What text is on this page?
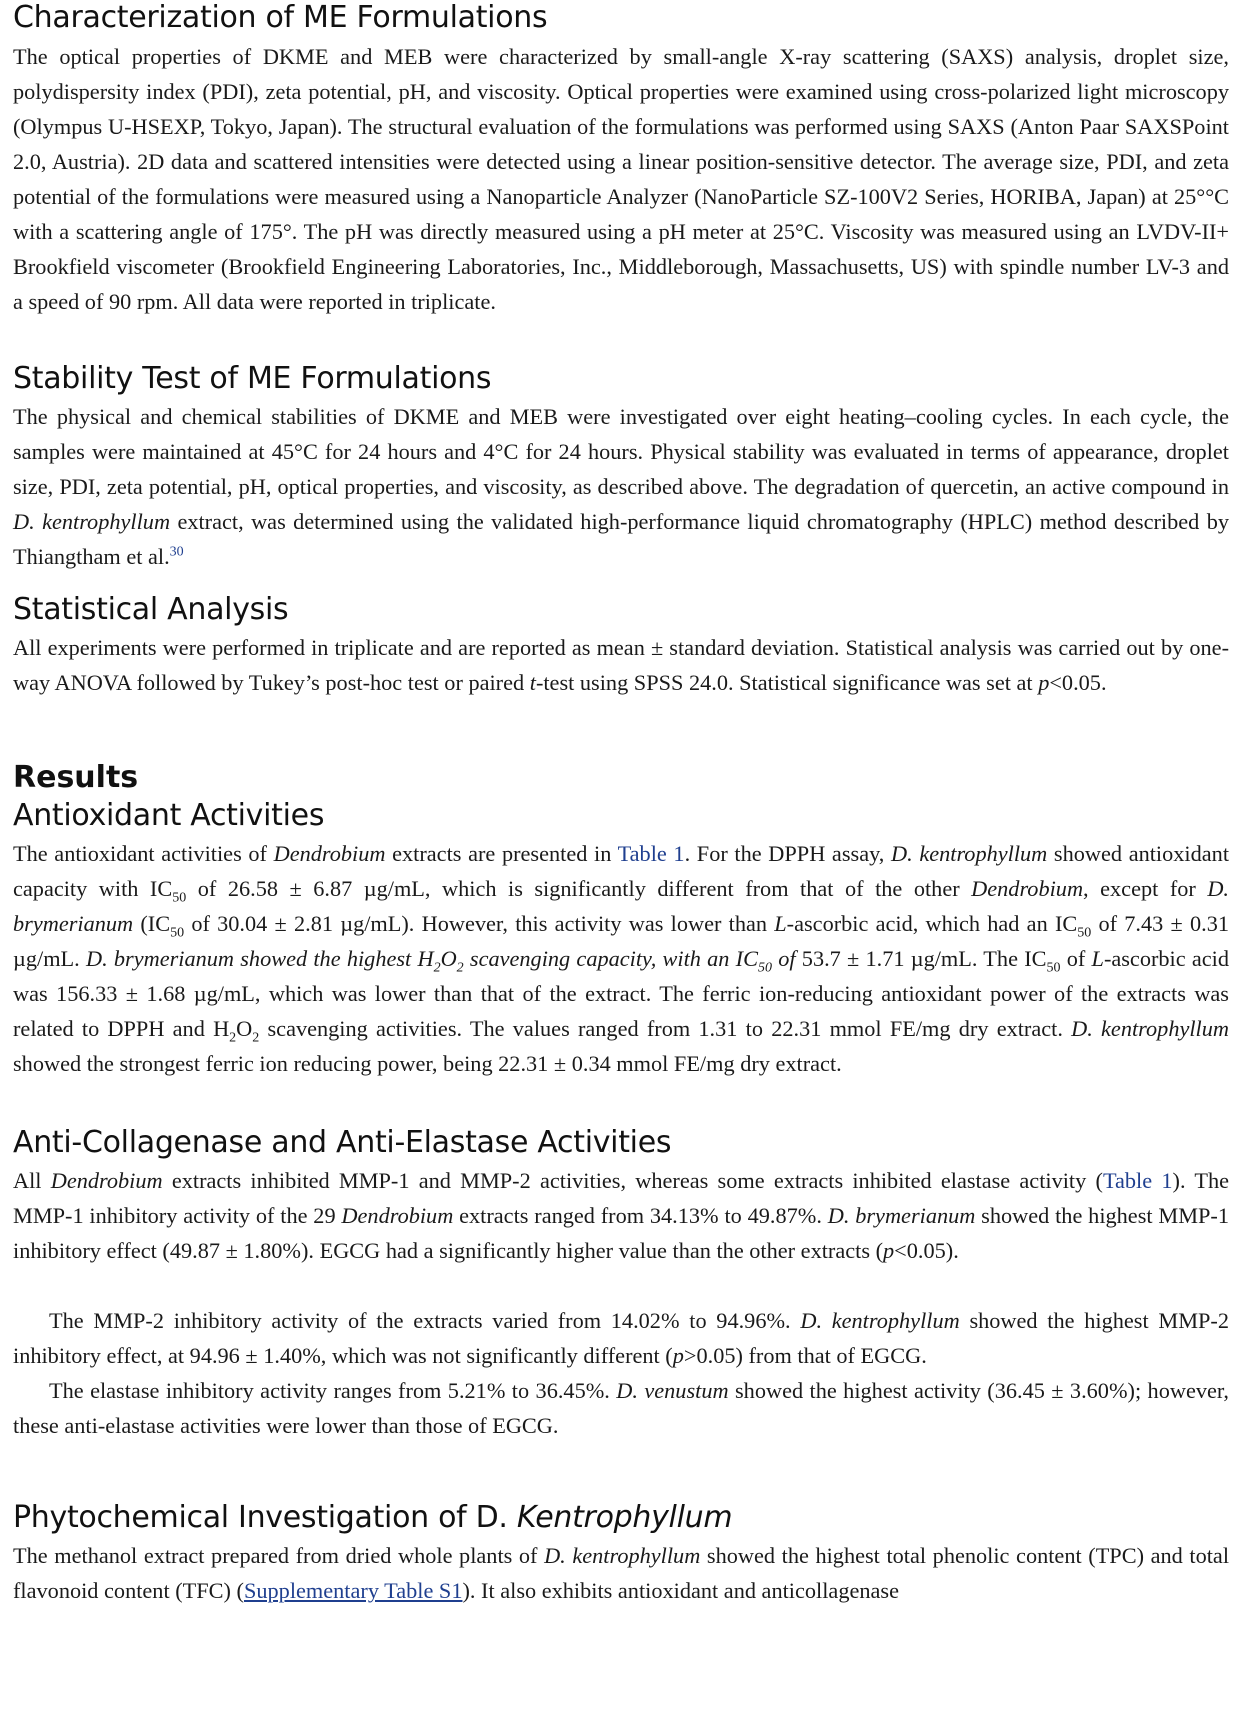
Characterization of ME Formulations

The optical properties of DKME and MEB were characterized by small-angle X-ray scattering (SAXS) analysis, droplet size, polydispersity index (PDI), zeta potential, pH, and viscosity. Optical properties were examined using cross-polarized light microscopy (Olympus U-HSEXP, Tokyo, Japan). The structural evaluation of the formulations was performed using SAXS (Anton Paar SAXSPoint 2.0, Austria). 2D data and scattered intensities were detected using a linear position-sensitive detector. The average size, PDI, and zeta potential of the formulations were measured using a Nanoparticle Analyzer (NanoParticle SZ-100V2 Series, HORIBA, Japan) at 25°°C with a scattering angle of 175°. The pH was directly measured using a pH meter at 25°C. Viscosity was measured using an LVDV-II+ Brookfield viscometer (Brookfield Engineering Laboratories, Inc., Middleborough, Massachusetts, US) with spindle number LV-3 and a speed of 90 rpm. All data were reported in triplicate.

Stability Test of ME Formulations

The physical and chemical stabilities of DKME and MEB were investigated over eight heating–cooling cycles. In each cycle, the samples were maintained at 45°C for 24 hours and 4°C for 24 hours. Physical stability was evaluated in terms of appearance, droplet size, PDI, zeta potential, pH, optical properties, and viscosity, as described above. The degradation of quercetin, an active compound in D. kentrophyllum extract, was determined using the validated high-performance liquid chromatography (HPLC) method described by Thiangtham et al.$^{30}$

Statistical Analysis

All experiments were performed in triplicate and are reported as mean ± standard deviation. Statistical analysis was carried out by one-way ANOVA followed by Tukey’s post-hoc test or paired t-test using SPSS 24.0. Statistical significance was set at p<0.05.

Results
Antioxidant Activities

The antioxidant activities of Dendrobium extracts are presented in Table 1. For the DPPH assay, D. kentrophyllum showed antioxidant capacity with $IC_{50}$ of 26.58 ± 6.87 µg/mL, which is significantly different from that of the other Dendrobium, except for D. brymerianum ($IC_{50}$ of 30.04 ± 2.81 µg/mL). However, this activity was lower than L-ascorbic acid, which had an $IC_{50}$ of 7.43 ± 0.31 µg/mL. D. brymerianum showed the highest $H_2O_2$ scavenging capacity, with an $IC_{50}$ of 53.7 ± 1.71 µg/mL. The $IC_{50}$ of L-ascorbic acid was 156.33 ± 1.68 µg/mL, which was lower than that of the extract. The ferric ion-reducing antioxidant power of the extracts was related to DPPH and $H_2O_2$ scavenging activities. The values ranged from 1.31 to 22.31 mmol FE/mg dry extract. D. kentrophyllum showed the strongest ferric ion reducing power, being 22.31 ± 0.34 mmol FE/mg dry extract.

Anti-Collagenase and Anti-Elastase Activities

All Dendrobium extracts inhibited MMP-1 and MMP-2 activities, whereas some extracts inhibited elastase activity (Table 1). The MMP-1 inhibitory activity of the 29 Dendrobium extracts ranged from 34.13% to 49.87%. D. brymerianum showed the highest MMP-1 inhibitory effect (49.87 ± 1.80%). EGCG had a significantly higher value than the other extracts (p<0.05).

The MMP-2 inhibitory activity of the extracts varied from 14.02% to 94.96%. D. kentrophyllum showed the highest MMP-2 inhibitory effect, at 94.96 ± 1.40%, which was not significantly different (p>0.05) from that of EGCG.

The elastase inhibitory activity ranges from 5.21% to 36.45%. D. venustum showed the highest activity (36.45 ± 3.60%); however, these anti-elastase activities were lower than those of EGCG.

Phytochemical Investigation of D. Kentrophyllum

The methanol extract prepared from dried whole plants of D. kentrophyllum showed the highest total phenolic content (TPC) and total flavonoid content (TFC) (Supplementary Table S1). It also exhibits antioxidant and anticollagenase
